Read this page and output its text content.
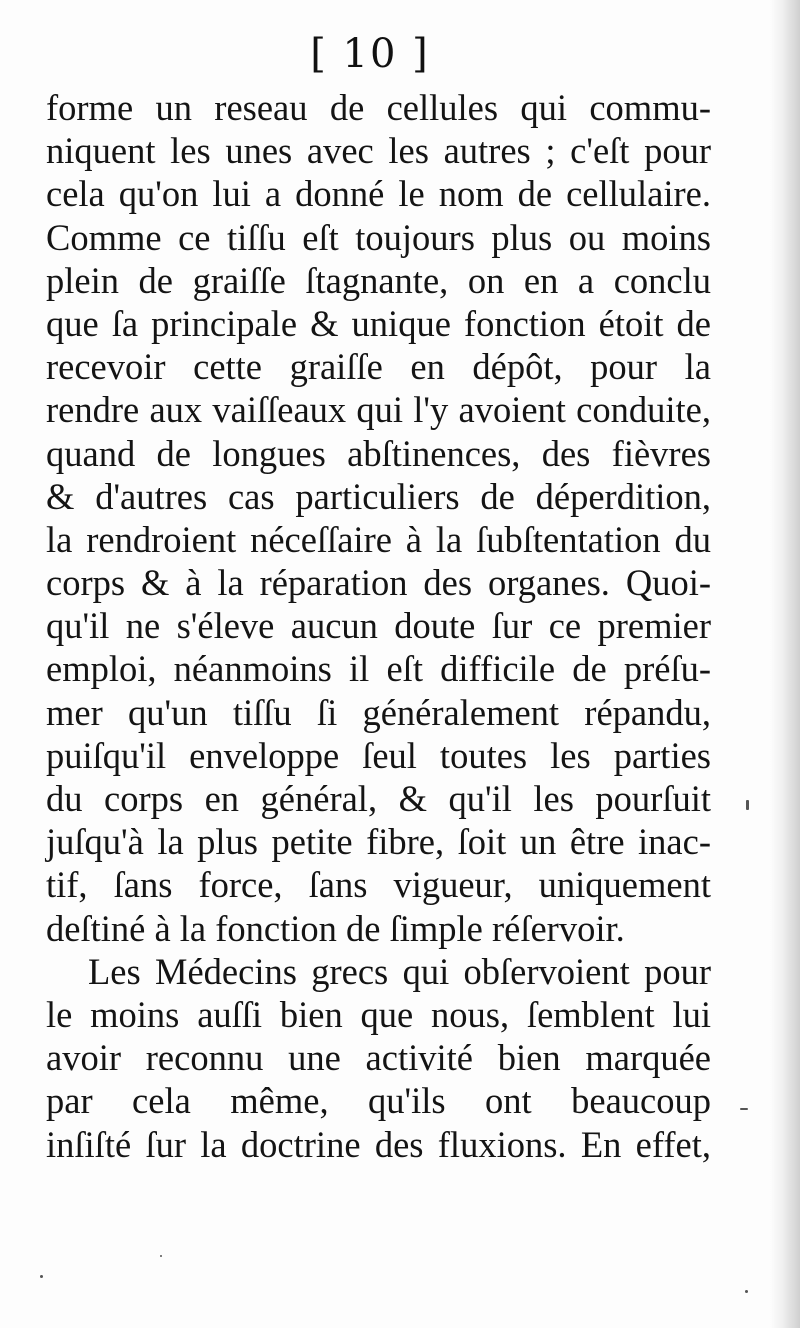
[ 10 ]
forme un reseau de cellules qui commu-
niquent les unes avec les autres ; c'eſt pour
cela qu'on lui a donné le nom de cellulaire.
Comme ce tiſſu eſt toujours plus ou moins
plein de graiſſe ſtagnante, on en a conclu
que ſa principale & unique fonction étoit de
recevoir cette graiſſe en dépôt, pour la
rendre aux vaiſſeaux qui l'y avoient conduite,
quand de longues abſtinences, des fièvres
& d'autres cas particuliers de déperdition,
la rendroient néceſſaire à la ſubſtentation du
corps & à la réparation des organes. Quoi-
qu'il ne s'éleve aucun doute ſur ce premier
emploi, néanmoins il eſt difficile de préſu-
mer qu'un tiſſu ſi généralement répandu,
puiſqu'il enveloppe ſeul toutes les parties
du corps en général, & qu'il les pourſuit
juſqu'à la plus petite fibre, ſoit un être inac-
tif, ſans force, ſans vigueur, uniquement
deſtiné à la fonction de ſimple réſervoir.
Les Médecins grecs qui obſervoient pour
le moins auſſi bien que nous, ſemblent lui
avoir reconnu une activité bien marquée
par cela même, qu'ils ont beaucoup
inſiſté ſur la doctrine des fluxions. En effet,
